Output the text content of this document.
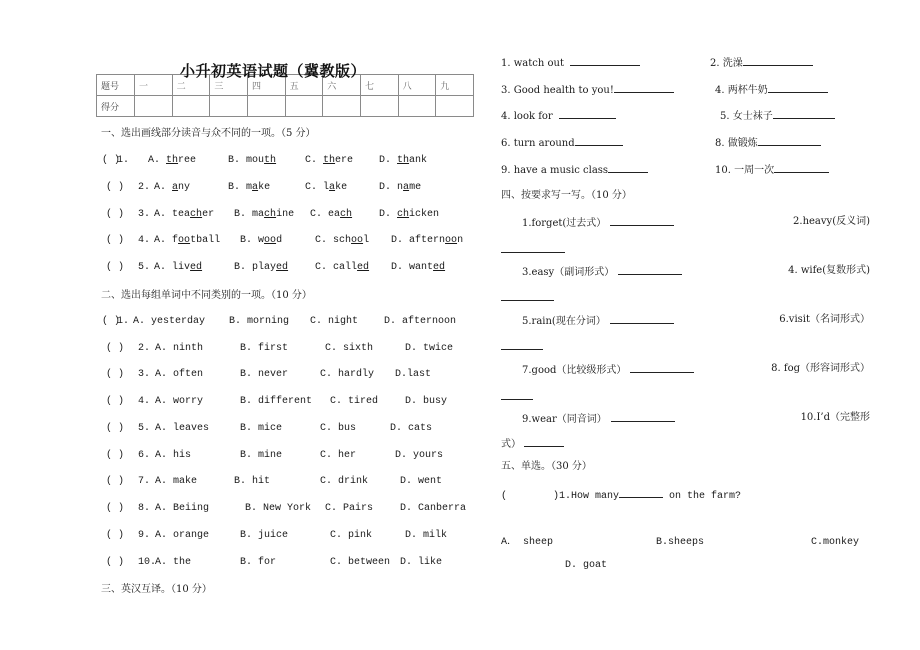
小升初英语试题（冀教版）
题号	一	二	三	四	五	六	七	八	九
得分									
一、选出画线部分读音与众不同的一项。（5 分）
( )
1. A. three	B. mouth	C. there	D. thank
( ) 2. A. any	B. make	C. lake	D. name
( ) 3. A. teacher B. machine C. each	D. chicken
( ) 4. A. football B. wood	C. school D. afternoon
( ) 5. A. lived	B. played	C. called D. wanted
二、选出每组单词中不同类别的一项。（10 分）
( )
1. A. yesterday B. morning C. night	D. afternoon
( ) 2. A. ninth	B. first	C. sixth	D. twice
( ) 3. A. often	B. never	C. hardly D.last
( ) 4. A. worry	B. different C. tired	D. busy
( ) 5. A. leaves	B. mice	C. bus	D. cats
( ) 6. A. his	B. mine	C. her	D. yours
( ) 7. A. make	B. hit	C. drink	D. went
( ) 8. A. Beiing	B. New York C. Pairs	D. Canberra
( ) 9. A. orange	B. juice	C. pink	D. milk
( ) 10.
A. the	B. for	C. between D. like
三、英汉互译。（10 分）
1. watch out	2. 洗澡
3. Good health to you!	4. 两杯牛奶
4. look for	5. 女士袜子
6. turn around	8. 做锻炼
9. have a music class	10. 一周一次
四、按要求写一写。（10 分）
1.forget(过去式）	2.heavy(反义词)
3.easy（副词形式）	4. wife(复数形式)
5.rain(现在分词）	6.visit（名词形式）
7.good（比较级形式）	8. fog（形容词形式）
9.wear（同音词）	10.I’d（完整形
式）
五、单选。（30 分）
(	)1.How many	on the farm?
A． sheep	B.sheeps	C.monkey
D. goat
